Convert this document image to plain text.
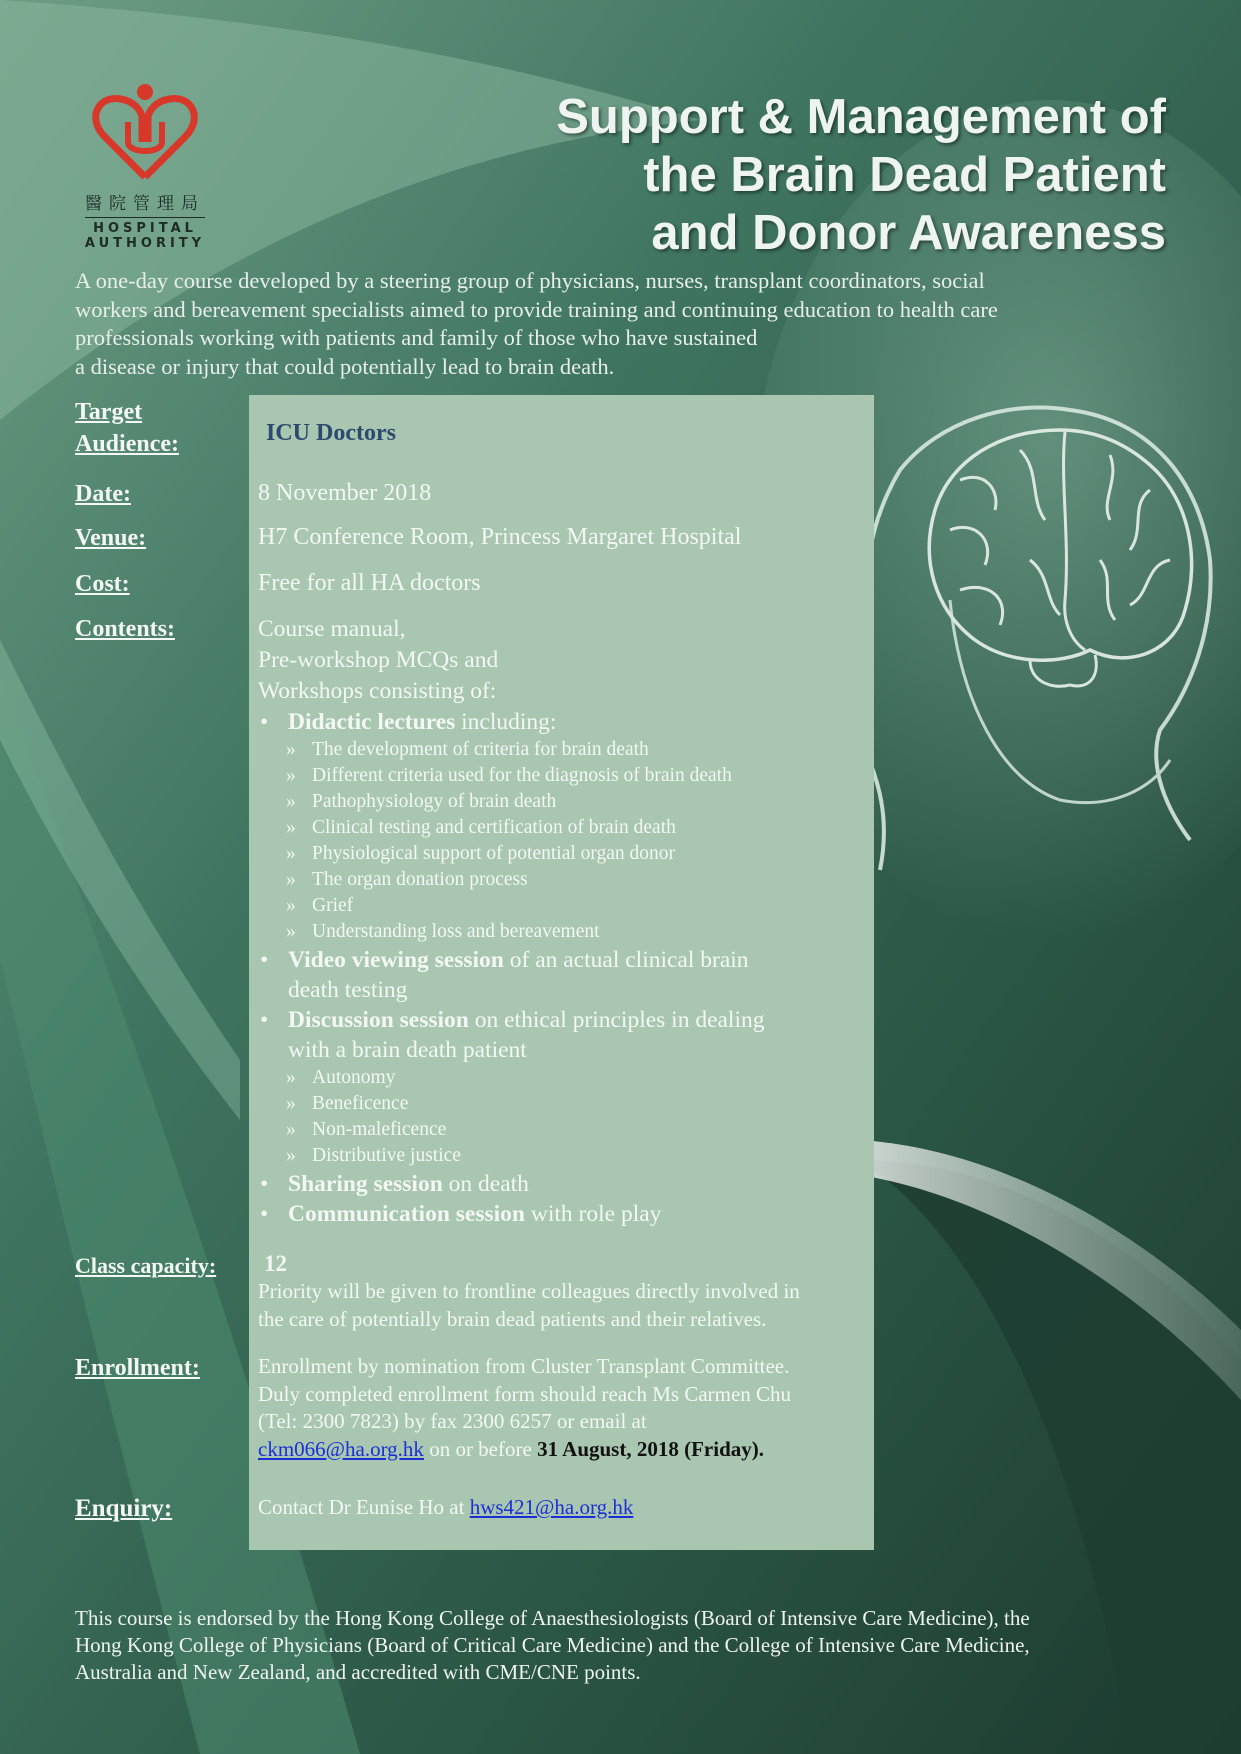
醫院管理局
HOSPITAL
AUTHORITY
Support & Management of
the Brain Dead Patient
and Donor Awareness
A one-day course developed by a steering group of physicians, nurses, transplant coordinators, social
workers and bereavement specialists aimed to provide training and continuing education to health care
professionals working with patients and family of those who have sustained
a disease or injury that could potentially lead to brain death.
Target
Audience:	ICU Doctors
Date:	8 November 2018
Venue:	H7 Conference Room, Princess Margaret Hospital
Cost:	Free for all HA doctors
Contents:	Course manual,
Pre-workshop MCQs and
Workshops consisting of:
• Didactic lectures including:
» The development of criteria for brain death
» Different criteria used for the diagnosis of brain death
» Pathophysiology of brain death
» Clinical testing and certification of brain death
» Physiological support of potential organ donor
» The organ donation process
» Grief
» Understanding loss and bereavement
• Video viewing session of an actual clinical brain
death testing
• Discussion session on ethical principles in dealing
with a brain death patient
» Autonomy
» Beneficence
» Non-maleficence
» Distributive justice
• Sharing session on death
• Communication session with role play
Class capacity: 12
Priority will be given to frontline colleagues directly involved in
the care of potentially brain dead patients and their relatives.
Enrollment:	Enrollment by nomination from Cluster Transplant Committee.
Duly completed enrollment form should reach Ms Carmen Chu
(Tel: 2300 7823) by fax 2300 6257 or email at
ckm066@ha.org.hk on or before 31 August, 2018 (Friday).
Enquiry:	Contact Dr Eunise Ho at hws421@ha.org.hk
This course is endorsed by the Hong Kong College of Anaesthesiologists (Board of Intensive Care Medicine), the
Hong Kong College of Physicians (Board of Critical Care Medicine) and the College of Intensive Care Medicine,
Australia and New Zealand, and accredited with CME/CNE points.
